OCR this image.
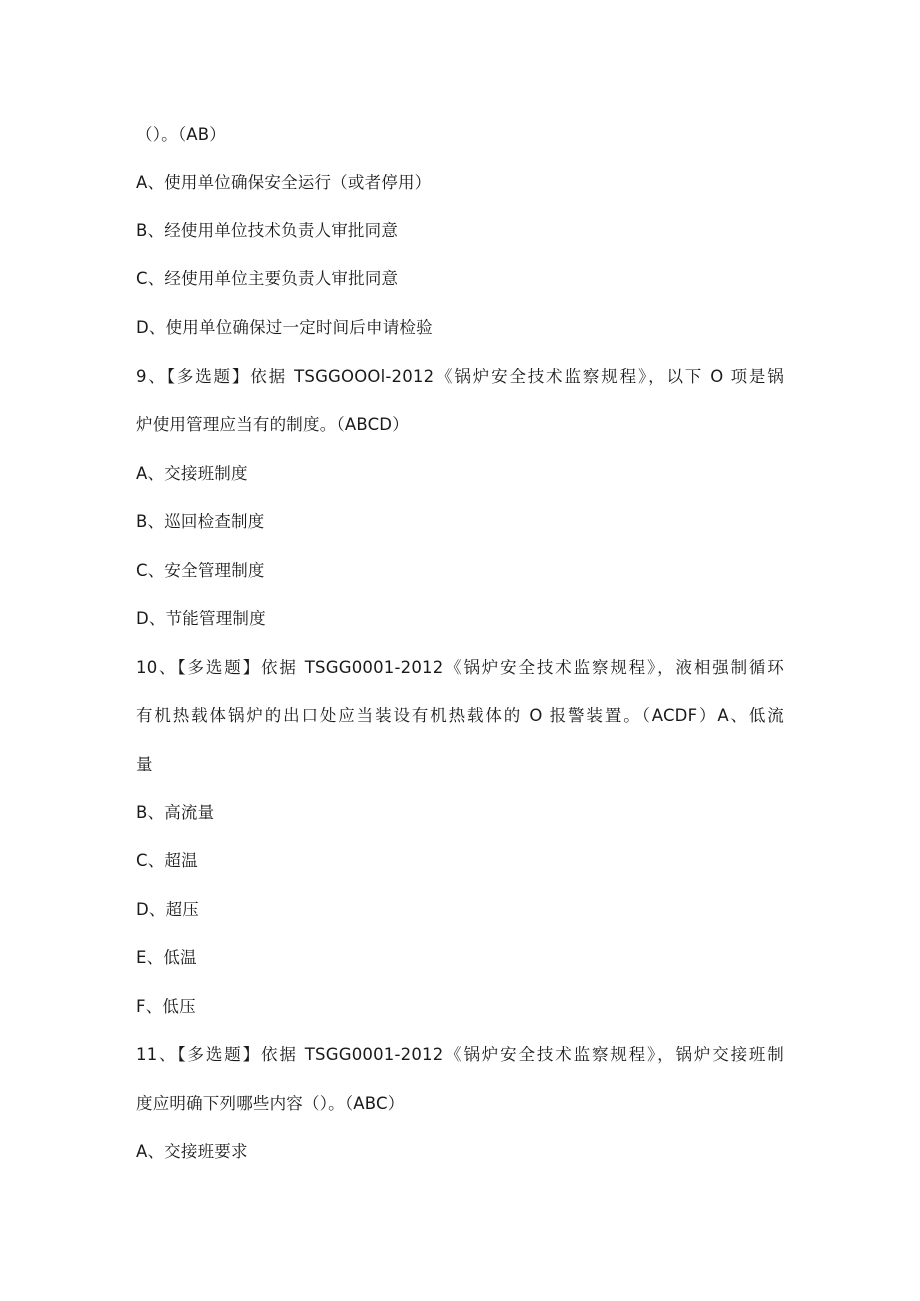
（）。（AB）

A、使用单位确保安全运行（或者停用）

B、经使用单位技术负责人审批同意

C、经使用单位主要负责人审批同意

D、使用单位确保过一定时间后申请检验

9、【多选题】依据 TSGGOOOl-2012《锅炉安全技术监察规程》，以下 O 项是锅

炉使用管理应当有的制度。（ABCD）

A、交接班制度

B、巡回检查制度

C、安全管理制度

D、节能管理制度

10、【多选题】依据 TSGG0001-2012《锅炉安全技术监察规程》，液相强制循环

有机热载体锅炉的出口处应当装设有机热载体的 O 报警装置。（ACDF）A、低流

量

B、高流量

C、超温

D、超压

E、低温

F、低压

11、【多选题】依据 TSGG0001-2012《锅炉安全技术监察规程》，锅炉交接班制

度应明确下列哪些内容（）。（ABC）

A、交接班要求
